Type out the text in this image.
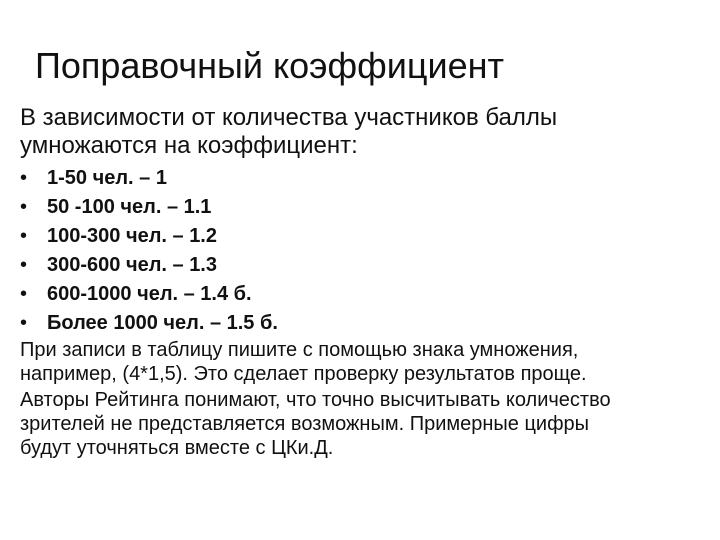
Поправочный коэффициент
В зависимости от количества участников баллы
умножаются на коэффициент:
• 1-50 чел. – 1
• 50 -100 чел. – 1.1
• 100-300 чел. – 1.2
• 300-600 чел. – 1.3
• 600-1000 чел. – 1.4 б.
• Более 1000 чел. – 1.5 б.

При записи в таблицу пишите с помощью знака умножения,
например, (4*1,5). Это сделает проверку результатов проще.

Авторы Рейтинга понимают, что точно высчитывать количество
зрителей не представляется возможным. Примерные цифры
будут уточняться вместе с ЦКи.Д.
